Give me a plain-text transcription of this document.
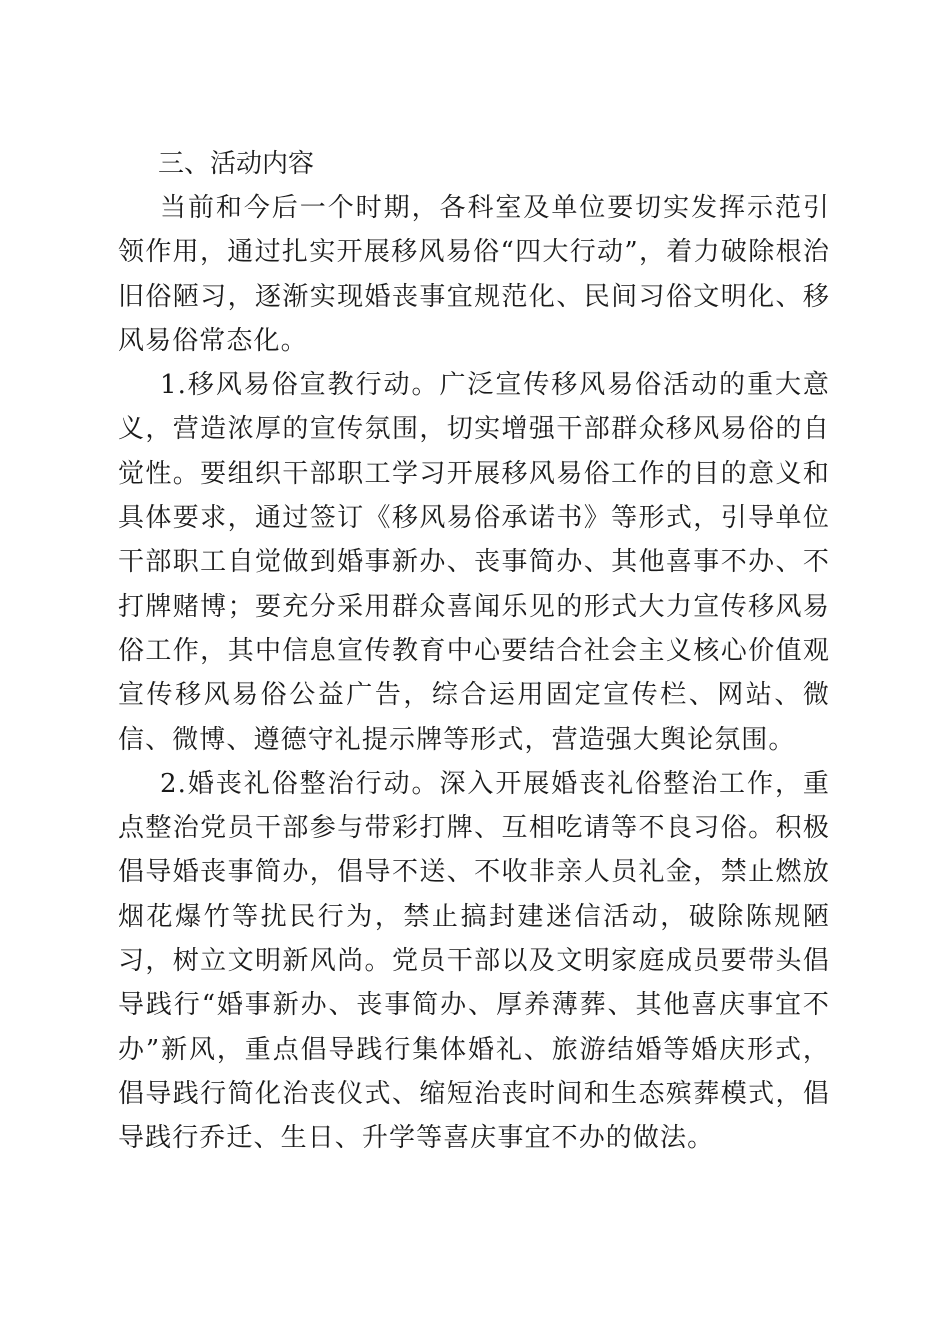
三、活动内容

当前和今后一个时期，各科室及单位要切实发挥示范引领作用，通过扎实开展移风易俗“四大行动”，着力破除根治旧俗陋习，逐渐实现婚丧事宜规范化、民间习俗文明化、移风易俗常态化。

1.移风易俗宣教行动。广泛宣传移风易俗活动的重大意义，营造浓厚的宣传氛围，切实增强干部群众移风易俗的自觉性。要组织干部职工学习开展移风易俗工作的目的意义和具体要求，通过签订《移风易俗承诺书》等形式，引导单位干部职工自觉做到婚事新办、丧事简办、其他喜事不办、不打牌赌博；要充分采用群众喜闻乐见的形式大力宣传移风易俗工作，其中信息宣传教育中心要结合社会主义核心价值观宣传移风易俗公益广告，综合运用固定宣传栏、网站、微信、微博、遵德守礼提示牌等形式，营造强大舆论氛围。

2.婚丧礼俗整治行动。深入开展婚丧礼俗整治工作，重点整治党员干部参与带彩打牌、互相吃请等不良习俗。积极倡导婚丧事简办，倡导不送、不收非亲人员礼金，禁止燃放烟花爆竹等扰民行为，禁止搞封建迷信活动，破除陈规陋习，树立文明新风尚。党员干部以及文明家庭成员要带头倡导践行“婚事新办、丧事简办、厚养薄葬、其他喜庆事宜不办”新风，重点倡导践行集体婚礼、旅游结婚等婚庆形式，倡导践行简化治丧仪式、缩短治丧时间和生态殡葬模式，倡导践行乔迁、生日、升学等喜庆事宜不办的做法。
